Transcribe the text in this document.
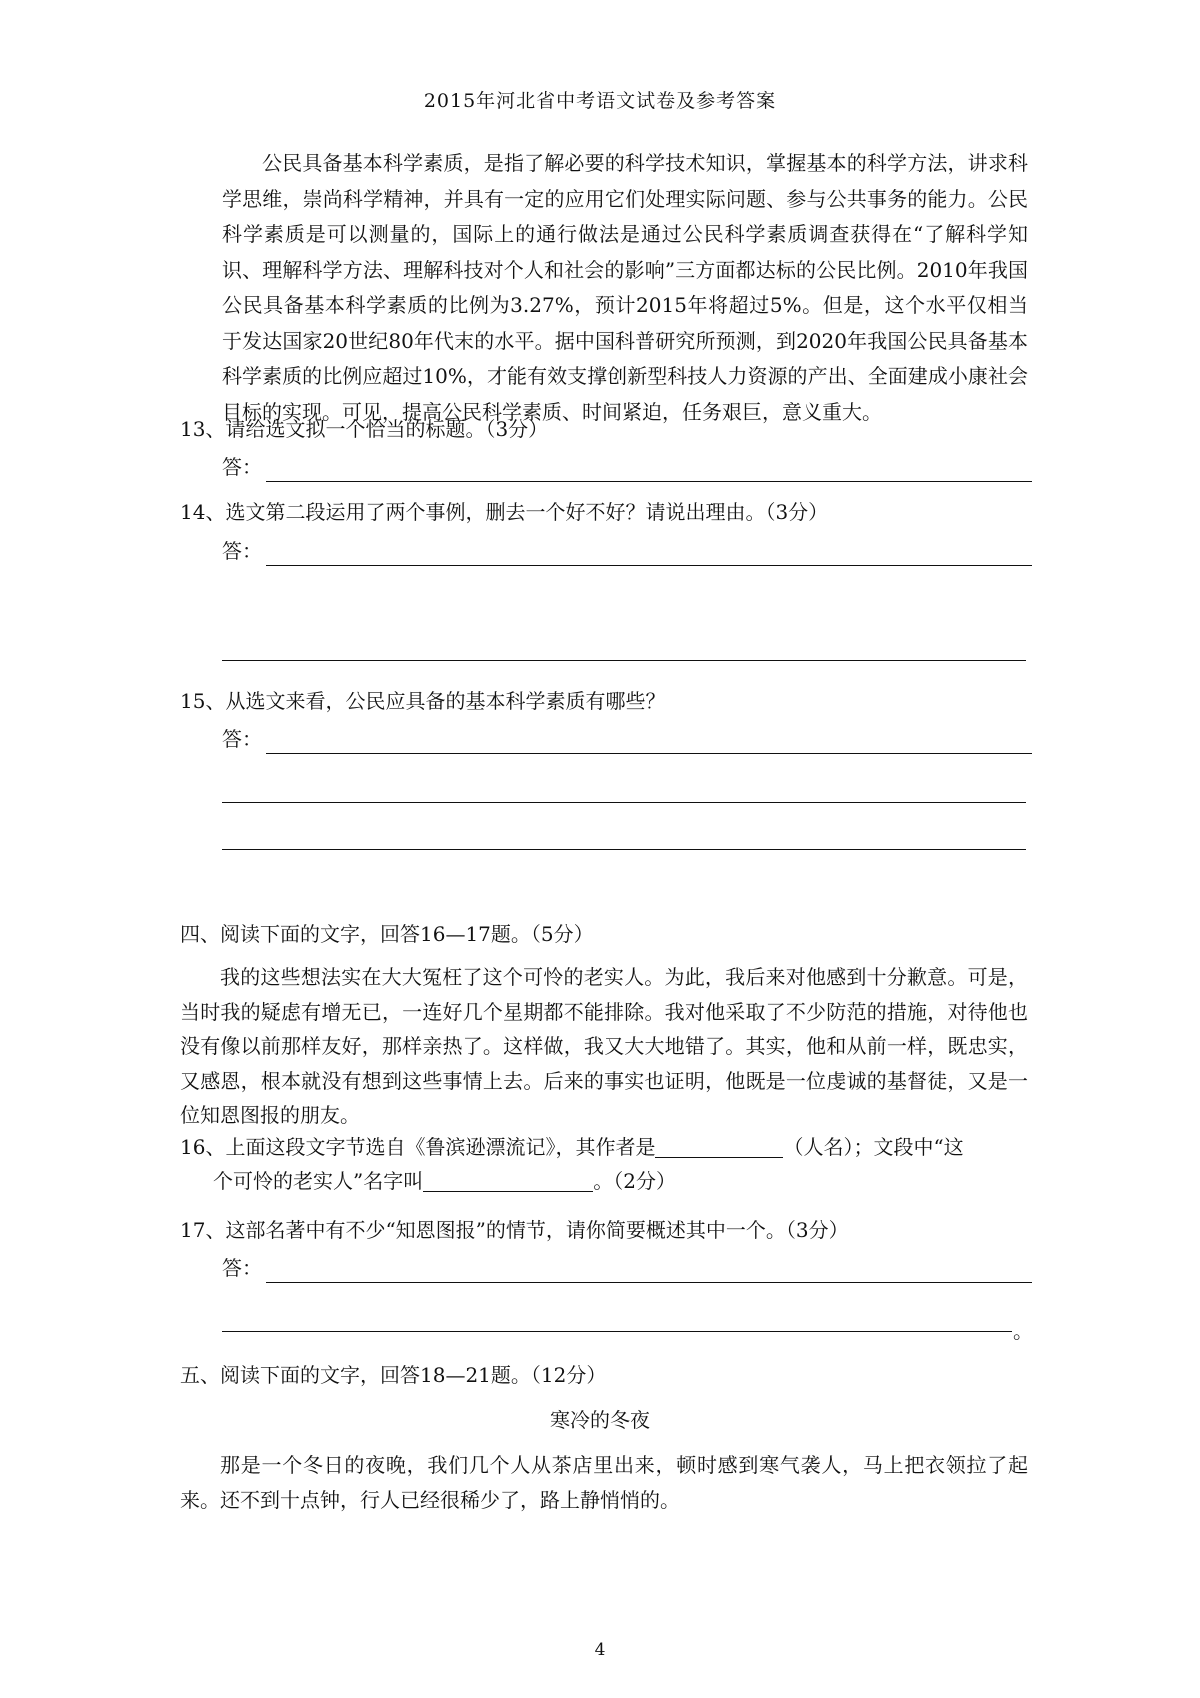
2015年河北省中考语文试卷及参考答案
公民具备基本科学素质，是指了解必要的科学技术知识，掌握基本的科学方法，讲求科学思维，崇尚科学精神，并具有一定的应用它们处理实际问题、参与公共事务的能力。公民科学素质是可以测量的，国际上的通行做法是通过公民科学素质调查获得在“了解科学知识、理解科学方法、理解科技对个人和社会的影响”三方面都达标的公民比例。2010年我国公民具备基本科学素质的比例为3.27%，预计2015年将超过5%。但是，这个水平仅相当于发达国家20世纪80年代末的水平。据中国科普研究所预测，到2020年我国公民具备基本科学素质的比例应超过10%，才能有效支撑创新型科技人力资源的产出、全面建成小康社会目标的实现。可见，提高公民科学素质、时间紧迫，任务艰巨，意义重大。
13、请给选文拟一个恰当的标题。（3分）
答：
14、选文第二段运用了两个事例，删去一个好不好？请说出理由。（3分）
答：
15、从选文来看，公民应具备的基本科学素质有哪些？
答：
四、阅读下面的文字，回答16—17题。（5分）
我的这些想法实在大大冤枉了这个可怜的老实人。为此，我后来对他感到十分歉意。可是，当时我的疑虑有增无已，一连好几个星期都不能排除。我对他采取了不少防范的措施，对待他也没有像以前那样友好，那样亲热了。这样做，我又大大地错了。其实，他和从前一样，既忠实，又感恩，根本就没有想到这些事情上去。后来的事实也证明，他既是一位虔诚的基督徒，又是一位知恩图报的朋友。
16、上面这段文字节选自《鲁滨逊漂流记》，其作者是	（人名）；文段中“这
个可怜的老实人”名字叫	。（2分）
17、这部名著中有不少“知恩图报”的情节，请你简要概述其中一个。（3分）
答：
。
五、阅读下面的文字，回答18—21题。（12分）
寒冷的冬夜
那是一个冬日的夜晚，我们几个人从茶店里出来，顿时感到寒气袭人，马上把衣领拉了起来。还不到十点钟，行人已经很稀少了，路上静悄悄的。
4
